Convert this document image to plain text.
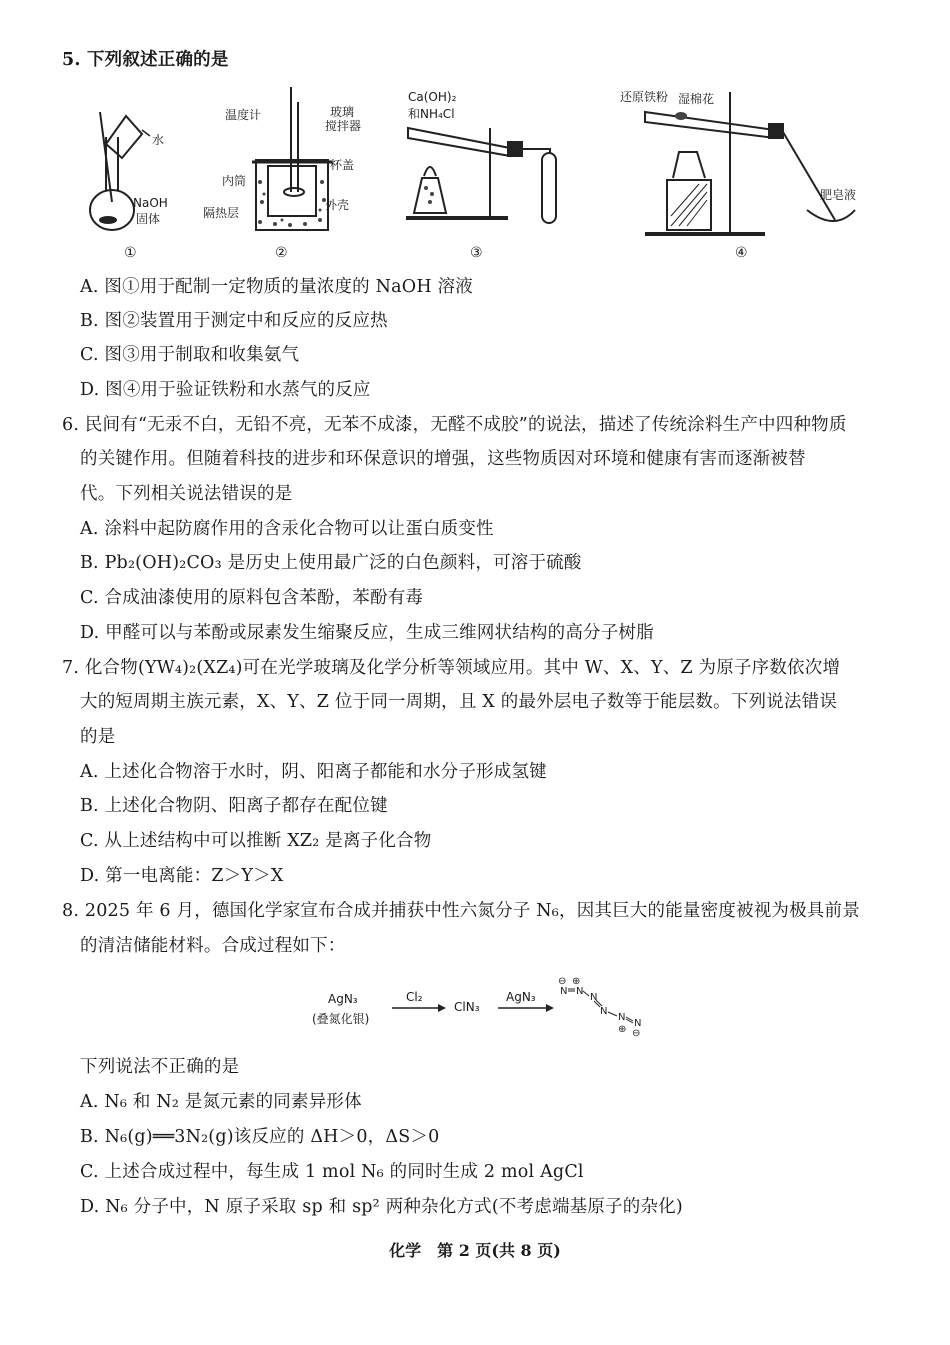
5. 下列叙述正确的是
水
NaOH
固体
温度计	玻璃
搅拌器
杯盖
内筒
外壳
隔热层
Ca(OH)₂
和NH₄Cl
还原铁粉 湿棉花
肥皂液
①	②	③	④
A. 图①用于配制一定物质的量浓度的 NaOH 溶液
B. 图②装置用于测定中和反应的反应热
C. 图③用于制取和收集氨气
D. 图④用于验证铁粉和水蒸气的反应
6. 民间有“无汞不白，无铅不亮，无苯不成漆，无醛不成胶”的说法，描述了传统涂料生产中四种物质
的关键作用。但随着科技的进步和环保意识的增强，这些物质因对环境和健康有害而逐渐被替
代。下列相关说法错误的是
A. 涂料中起防腐作用的含汞化合物可以让蛋白质变性
B. Pb₂(OH)₂CO₃ 是历史上使用最广泛的白色颜料，可溶于硫酸
C. 合成油漆使用的原料包含苯酚，苯酚有毒
D. 甲醛可以与苯酚或尿素发生缩聚反应，生成三维网状结构的高分子树脂
7. 化合物(YW₄)₂(XZ₄)可在光学玻璃及化学分析等领域应用。其中 W、X、Y、Z 为原子序数依次增
大的短周期主族元素，X、Y、Z 位于同一周期，且 X 的最外层电子数等于能层数。下列说法错误
的是
A. 上述化合物溶于水时，阴、阳离子都能和水分子形成氢键
B. 上述化合物阴、阳离子都存在配位键
C. 从上述结构中可以推断 XZ₂ 是离子化合物
D. 第一电离能：Z＞Y＞X
8. 2025 年 6 月，德国化学家宣布合成并捕获中性六氮分子 N₆，因其巨大的能量密度被视为极具前景
的清洁储能材料。合成过程如下：
AgN₃
(叠氮化银)
Cl₂
ClN₃
AgN₃
⊖ ⊕
N N
N
N
N
N
⊕ ⊖
下列说法不正确的是
A. N₆ 和 N₂ 是氮元素的同素异形体
B. N₆(g)══3N₂(g)该反应的 ΔH＞0，ΔS＞0
C. 上述合成过程中，每生成 1 mol N₆ 的同时生成 2 mol AgCl
D. N₆ 分子中，N 原子采取 sp 和 sp² 两种杂化方式(不考虑端基原子的杂化)
化学　第 2 页(共 8 页)
